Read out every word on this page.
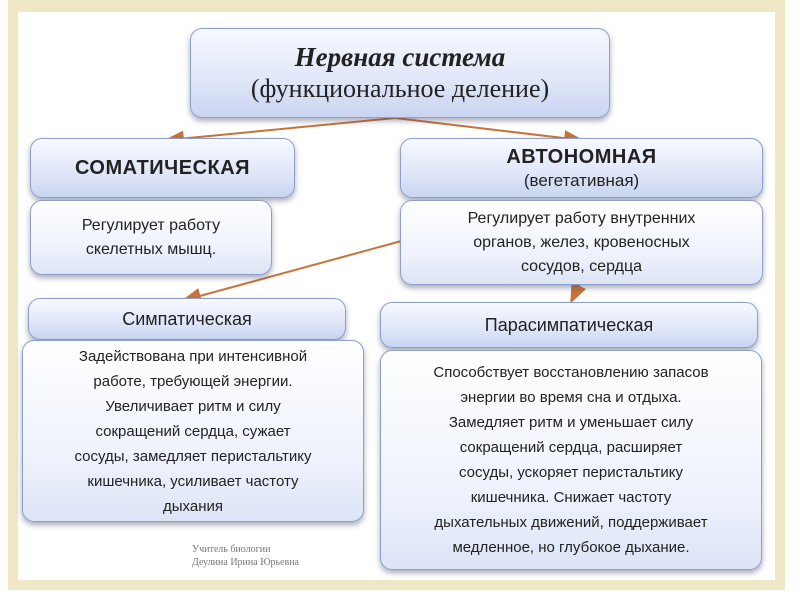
Нервная система
(функциональное деление)
СОМАТИЧЕСКАЯ
Регулирует работу
скелетных мышц.
АВТОНОМНАЯ
(вегетативная)
Регулирует работу внутренних
органов, желез, кровеносных
сосудов, сердца
Симпатическая
Задействована при интенсивной
работе, требующей энергии.
Увеличивает ритм и силу
сокращений сердца, сужает
сосуды, замедляет перистальтику
кишечника, усиливает частоту
дыхания
Парасимпатическая
Способствует восстановлению запасов
энергии во время сна и отдыха.
Замедляет ритм и уменьшает силу
сокращений сердца, расширяет
сосуды, ускоряет перистальтику
кишечника. Снижает частоту
дыхательных движений, поддерживает
медленное, но глубокое дыхание.
Учитель биологии
Деулина Ирина Юрьевна
